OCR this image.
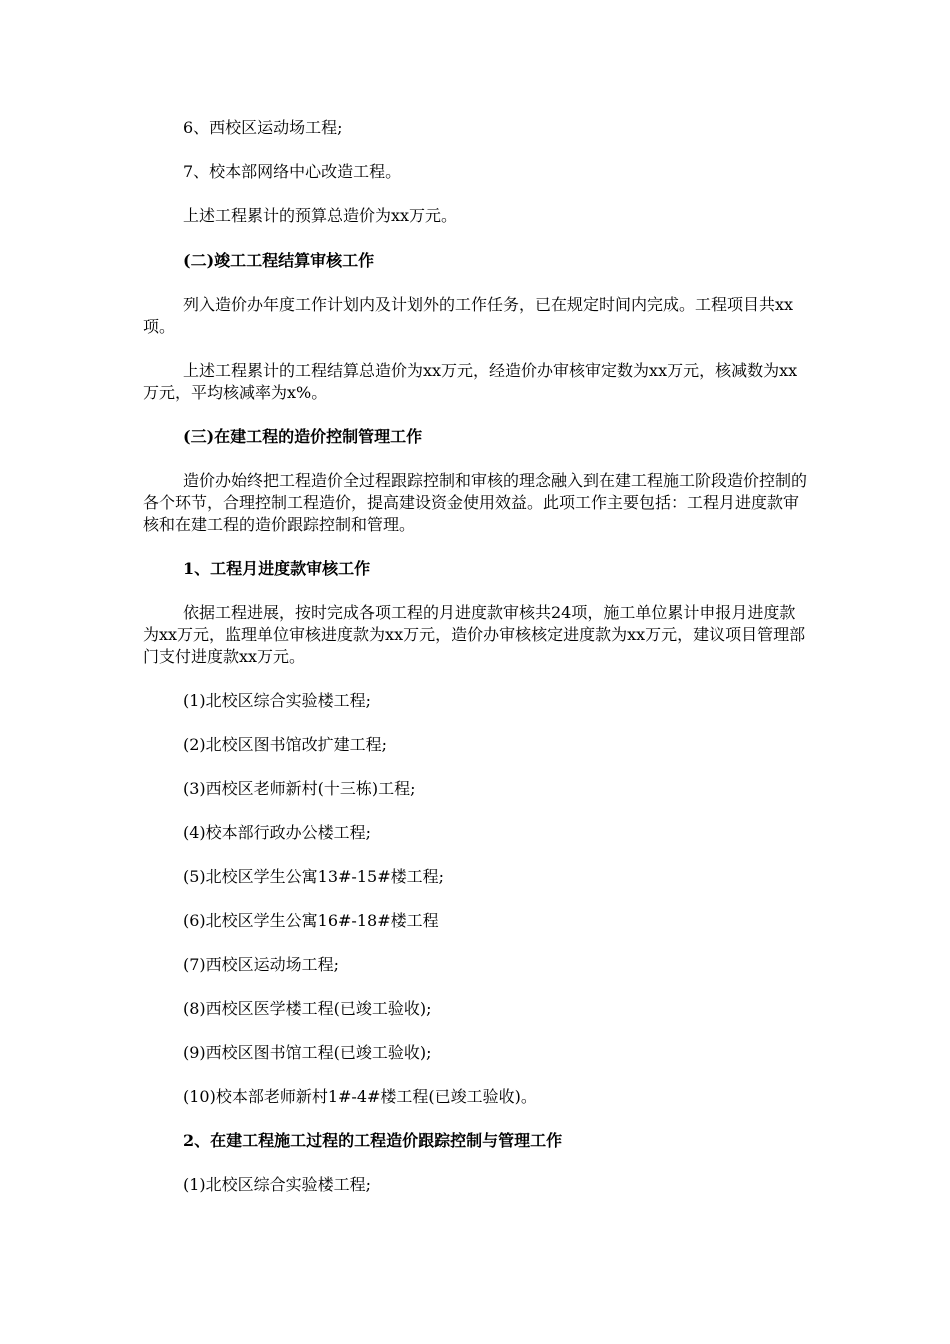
6、西校区运动场工程;

7、校本部网络中心改造工程。

上述工程累计的预算总造价为xx万元。

(二)竣工工程结算审核工作

列入造价办年度工作计划内及计划外的工作任务，已在规定时间内完成。工程项目共xx项。

上述工程累计的工程结算总造价为xx万元，经造价办审核审定数为xx万元，核减数为xx万元，平均核减率为x%。

(三)在建工程的造价控制管理工作

造价办始终把工程造价全过程跟踪控制和审核的理念融入到在建工程施工阶段造价控制的各个环节，合理控制工程造价，提高建设资金使用效益。此项工作主要包括：工程月进度款审核和在建工程的造价跟踪控制和管理。

1、工程月进度款审核工作

依据工程进展，按时完成各项工程的月进度款审核共24项，施工单位累计申报月进度款为xx万元，监理单位审核进度款为xx万元，造价办审核核定进度款为xx万元，建议项目管理部门支付进度款xx万元。

(1)北校区综合实验楼工程;

(2)北校区图书馆改扩建工程;

(3)西校区老师新村(十三栋)工程;

(4)校本部行政办公楼工程;

(5)北校区学生公寓13#-15#楼工程;

(6)北校区学生公寓16#-18#楼工程

(7)西校区运动场工程;

(8)西校区医学楼工程(已竣工验收);

(9)西校区图书馆工程(已竣工验收);

(10)校本部老师新村1#-4#楼工程(已竣工验收)。

2、在建工程施工过程的工程造价跟踪控制与管理工作

(1)北校区综合实验楼工程;
